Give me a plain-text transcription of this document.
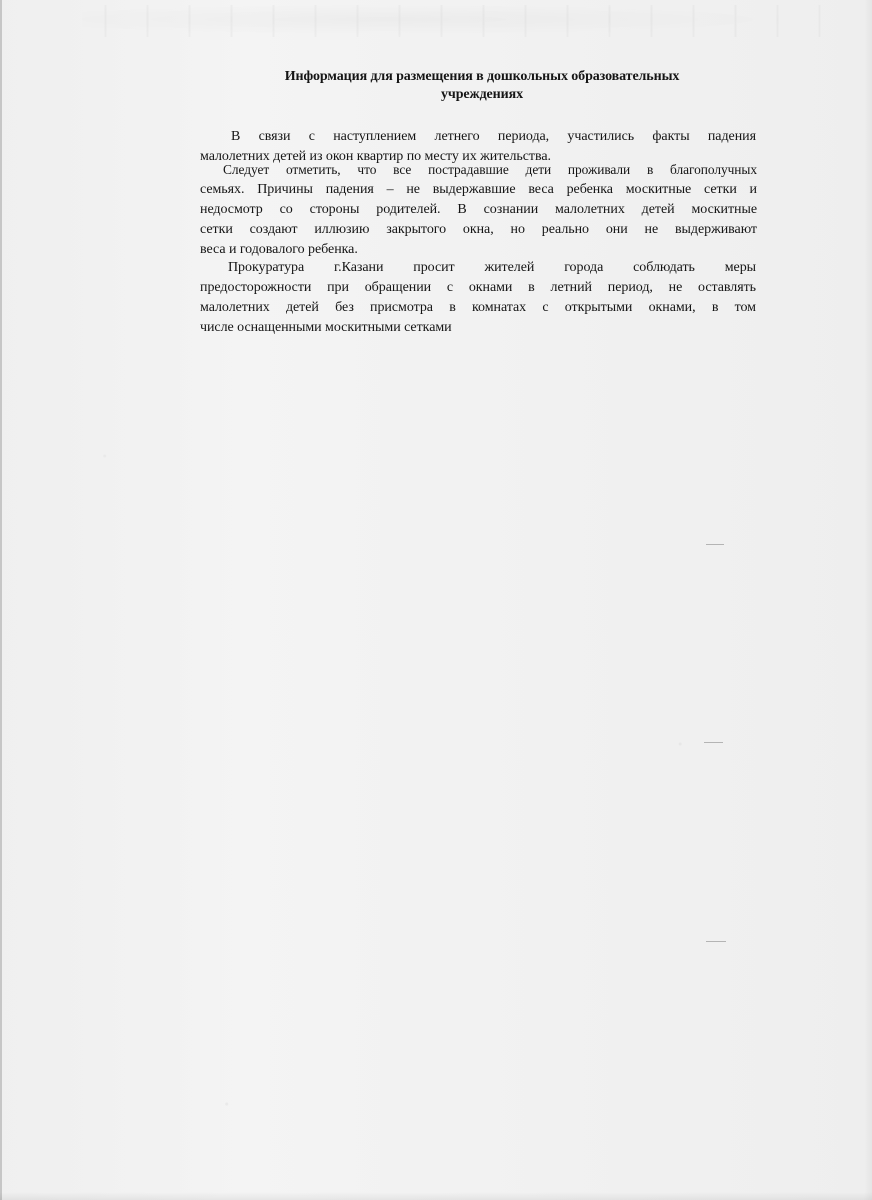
Информация для размещения в дошкольных образовательных
учреждениях

В связи с наступлением летнего периода, участились факты падения
малолетних детей из окон квартир по месту их жительства.

Следует отметить, что все пострадавшие дети проживали в благополучных
семьях. Причины падения – не выдержавшие веса ребенка москитные сетки и
недосмотр со стороны родителей. В сознании малолетних детей москитные
сетки создают иллюзию закрытого окна, но реально они не выдерживают
веса и годовалого ребенка.

Прокуратура г.Казани просит жителей города соблюдать меры
предосторожности при обращении с окнами в летний период, не оставлять
малолетних детей без присмотра в комнатах с открытыми окнами, в том
числе оснащенными москитными сетками
